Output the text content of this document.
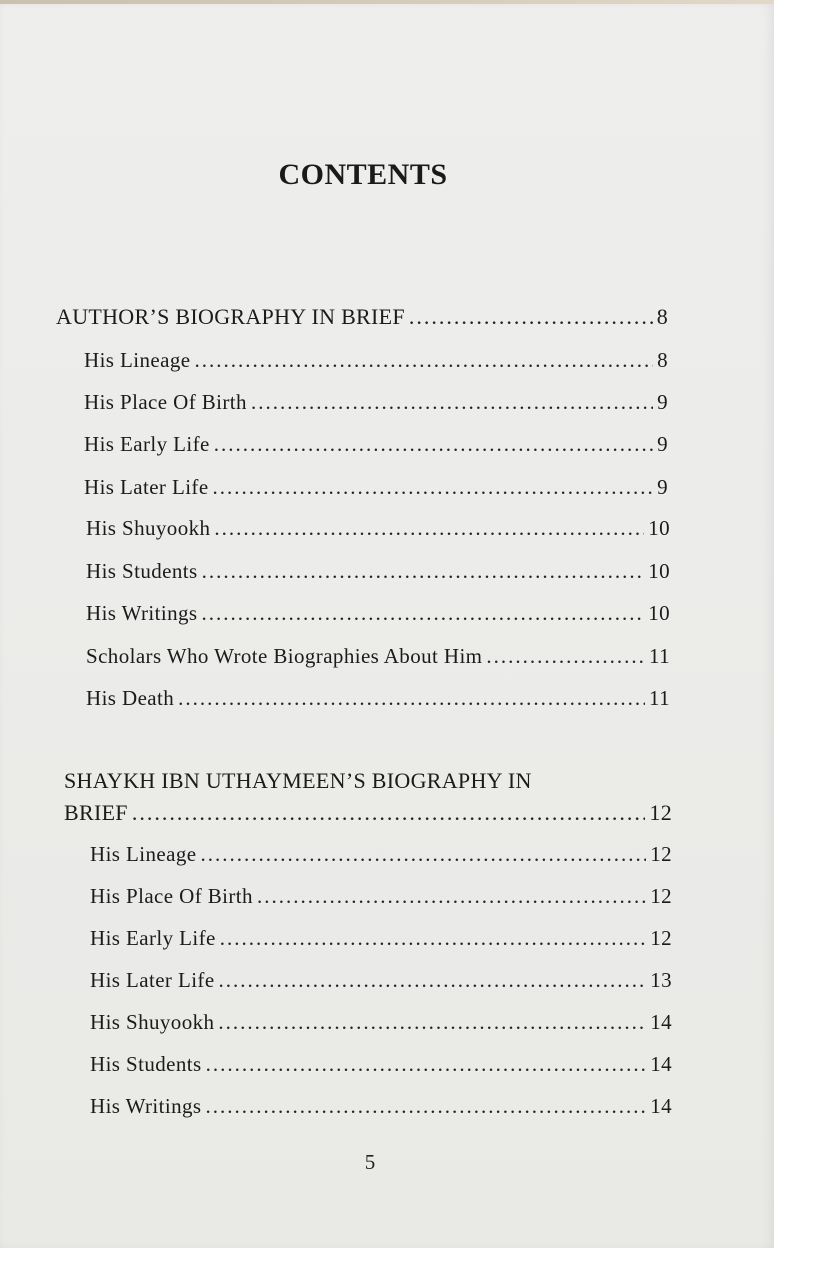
CONTENTS
AUTHOR’S BIOGRAPHY IN BRIEF .....	8
His Lineage .....	8
His Place Of Birth .....	9
His Early Life .....	9
His Later Life .....	9
His Shuyookh .....	10
His Students .....	10
His Writings .....	10
Scholars Who Wrote Biographies About Him .....	11
His Death .....	11
SHAYKH IBN UTHAYMEEN’S BIOGRAPHY IN
BRIEF .....	12
His Lineage .....	12
His Place Of Birth .....	12
His Early Life .....	12
His Later Life .....	13
His Shuyookh .....	14
His Students .....	14
His Writings .....	14
5
